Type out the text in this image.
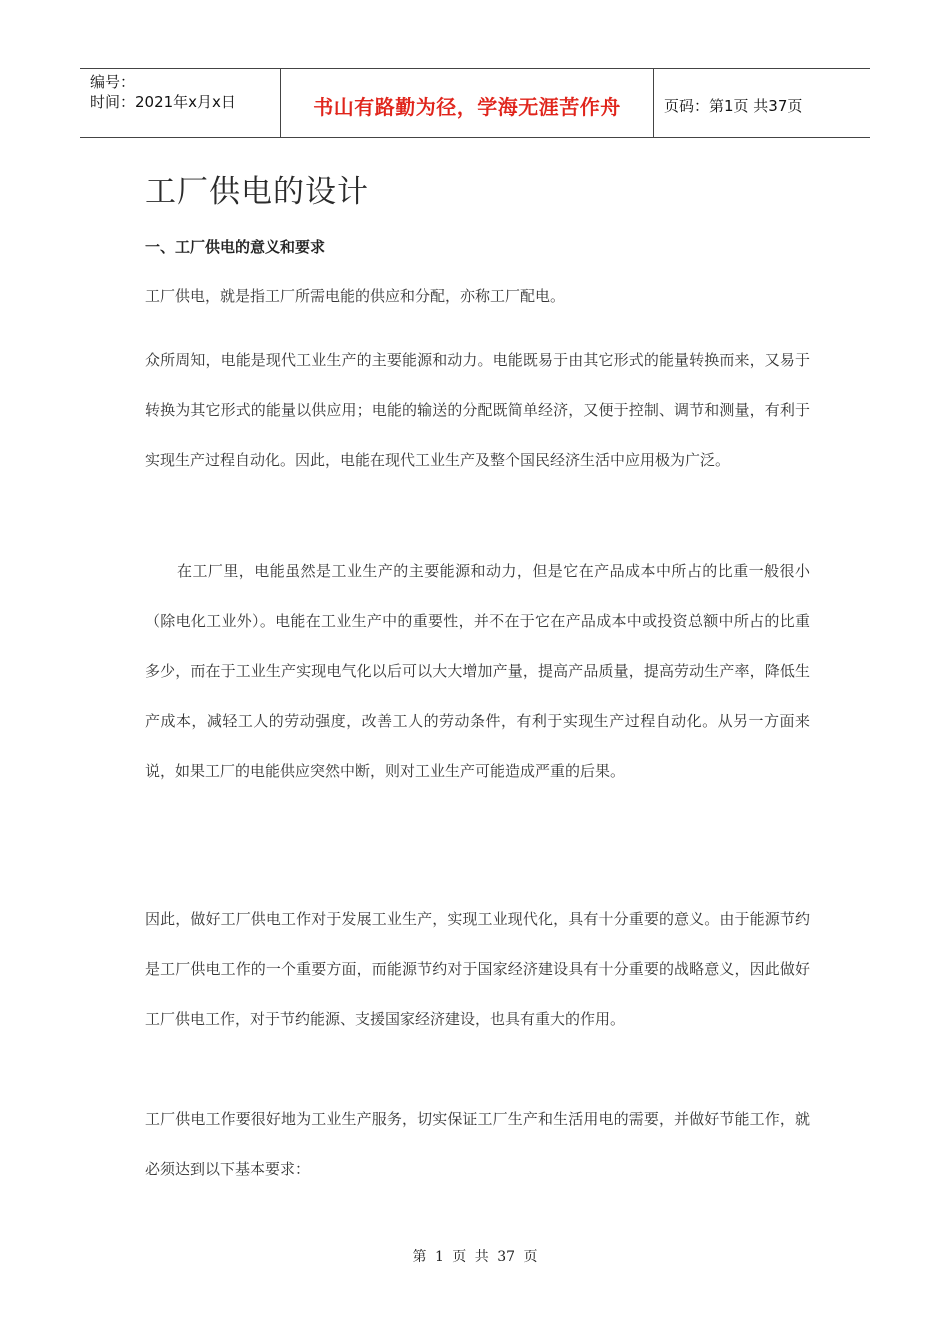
编号：
时间：2021年x月x日	书山有路勤为径，学海无涯苦作舟	页码：第1页 共37页
工厂供电的设计
一、工厂供电的意义和要求

工厂供电，就是指工厂所需电能的供应和分配，亦称工厂配电。

众所周知，电能是现代工业生产的主要能源和动力。电能既易于由其它形式的能量转换而来，又易于转换为其它形式的能量以供应用；电能的输送的分配既简单经济，又便于控制、调节和测量，有利于实现生产过程自动化。因此，电能在现代工业生产及整个国民经济生活中应用极为广泛。

在工厂里，电能虽然是工业生产的主要能源和动力，但是它在产品成本中所占的比重一般很小（除电化工业外）。电能在工业生产中的重要性，并不在于它在产品成本中或投资总额中所占的比重多少，而在于工业生产实现电气化以后可以大大增加产量，提高产品质量，提高劳动生产率，降低生产成本，减轻工人的劳动强度，改善工人的劳动条件，有利于实现生产过程自动化。从另一方面来说，如果工厂的电能供应突然中断，则对工业生产可能造成严重的后果。

因此，做好工厂供电工作对于发展工业生产，实现工业现代化，具有十分重要的意义。由于能源节约是工厂供电工作的一个重要方面，而能源节约对于国家经济建设具有十分重要的战略意义，因此做好工厂供电工作，对于节约能源、支援国家经济建设，也具有重大的作用。

工厂供电工作要很好地为工业生产服务，切实保证工厂生产和生活用电的需要，并做好节能工作，就必须达到以下基本要求：

第 1 页 共 37 页
